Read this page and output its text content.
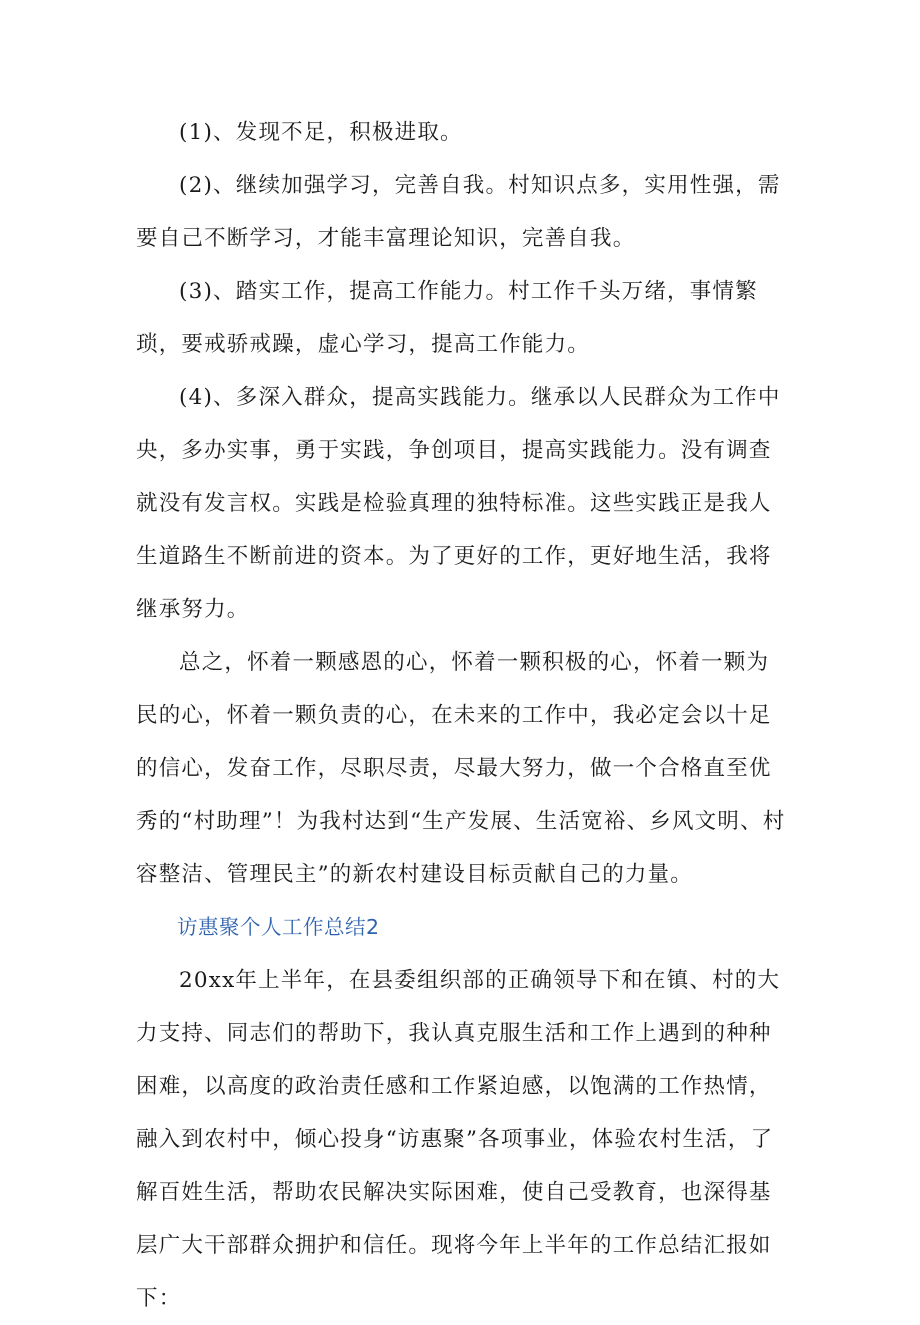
(1)、发现不足，积极进取。

(2)、继续加强学习，完善自我。村知识点多，实用性强，需要自己不断学习，才能丰富理论知识，完善自我。

(3)、踏实工作，提高工作能力。村工作千头万绪，事情繁琐，要戒骄戒躁，虚心学习，提高工作能力。

(4)、多深入群众，提高实践能力。继承以人民群众为工作中央，多办实事，勇于实践，争创项目，提高实践能力。没有调查就没有发言权。实践是检验真理的独特标准。这些实践正是我人生道路生不断前进的资本。为了更好的工作，更好地生活，我将继承努力。

总之，怀着一颗感恩的心，怀着一颗积极的心，怀着一颗为民的心，怀着一颗负责的心，在未来的工作中，我必定会以十足的信心，发奋工作，尽职尽责，尽最大努力，做一个合格直至优秀的“村助理”！为我村达到“生产发展、生活宽裕、乡风文明、村容整洁、管理民主”的新农村建设目标贡献自己的力量。

访惠聚个人工作总结2

20xx年上半年，在县委组织部的正确领导下和在镇、村的大力支持、同志们的帮助下，我认真克服生活和工作上遇到的种种困难，以高度的政治责任感和工作紧迫感，以饱满的工作热情，融入到农村中，倾心投身“访惠聚”各项事业，体验农村生活，了解百姓生活，帮助农民解决实际困难，使自己受教育，也深得基层广大干部群众拥护和信任。现将今年上半年的工作总结汇报如下：
